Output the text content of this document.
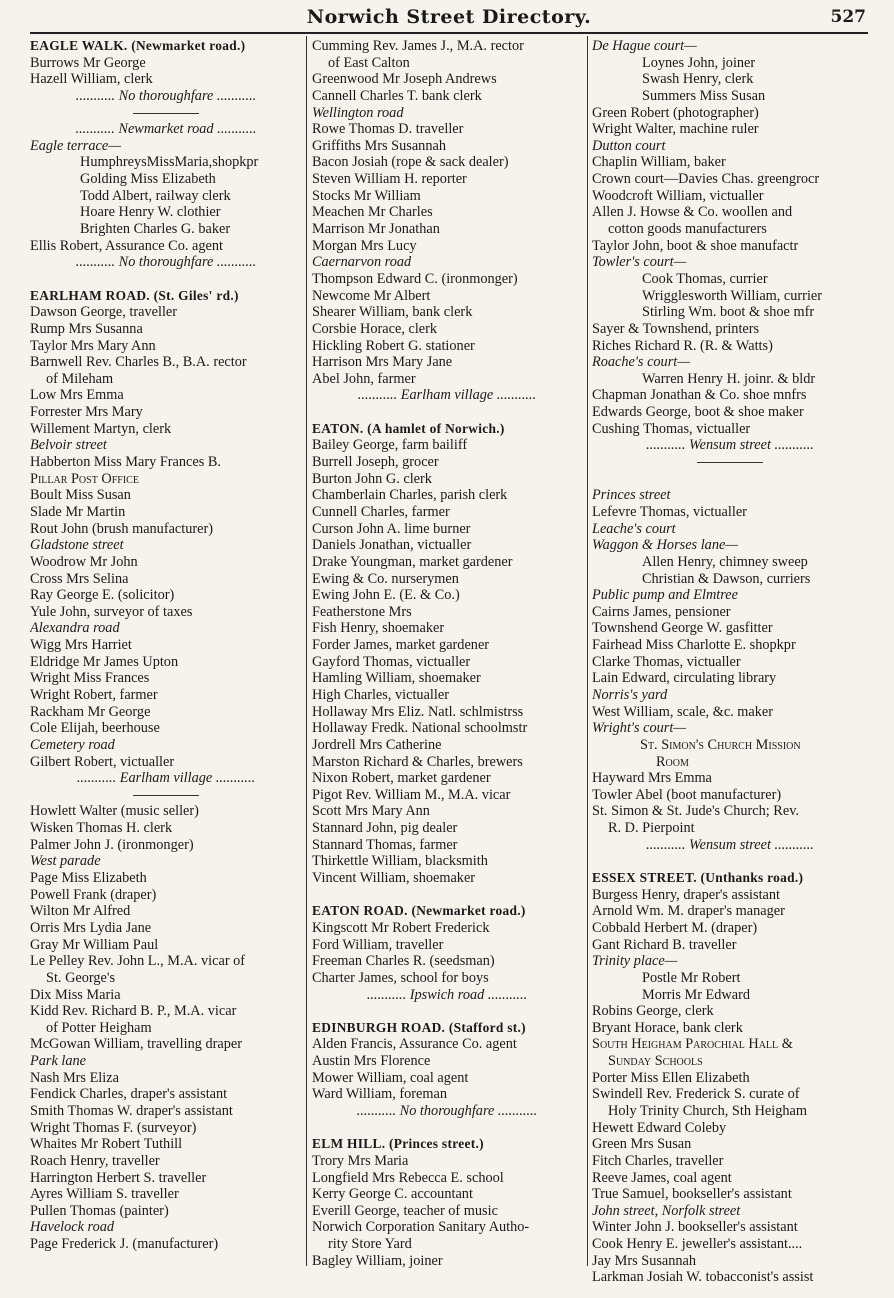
Norwich Street Directory.	527
EAGLE WALK. (Newmarket road.)
Burrows Mr George
Hazell William, clerk
........... No thoroughfare ...........
........... Newmarket road ...........
Eagle terrace—
HumphreysMissMaria,shopkpr
Golding Miss Elizabeth
Todd Albert, railway clerk
Hoare Henry W. clothier
Brighten Charles G. baker
Ellis Robert, Assurance Co. agent
........... No thoroughfare ...........
EARLHAM ROAD. (St. Giles' rd.)
Dawson George, traveller
Rump Mrs Susanna
Taylor Mrs Mary Ann
Barnwell Rev. Charles B., B.A. rector
of Mileham
Low Mrs Emma
Forrester Mrs Mary
Willement Martyn, clerk
Belvoir street
Habberton Miss Mary Frances B.
Pillar Post Office
Boult Miss Susan
Slade Mr Martin
Rout John (brush manufacturer)
Gladstone street
Woodrow Mr John
Cross Mrs Selina
Ray George E. (solicitor)
Yule John, surveyor of taxes
Alexandra road
Wigg Mrs Harriet
Eldridge Mr James Upton
Wright Miss Frances
Wright Robert, farmer
Rackham Mr George
Cole Elijah, beerhouse
Cemetery road
Gilbert Robert, victualler
........... Earlham village ...........
Howlett Walter (music seller)
Wisken Thomas H. clerk
Palmer John J. (ironmonger)
West parade
Page Miss Elizabeth
Powell Frank (draper)
Wilton Mr Alfred
Orris Mrs Lydia Jane
Gray Mr William Paul
Le Pelley Rev. John L., M.A. vicar of
St. George's
Dix Miss Maria
Kidd Rev. Richard B. P., M.A. vicar
of Potter Heigham
McGowan William, travelling draper
Park lane
Nash Mrs Eliza
Fendick Charles, draper's assistant
Smith Thomas W. draper's assistant
Wright Thomas F. (surveyor)
Whaites Mr Robert Tuthill
Roach Henry, traveller
Harrington Herbert S. traveller
Ayres William S. traveller
Pullen Thomas (painter)
Havelock road
Page Frederick J. (manufacturer)
Cumming Rev. James J., M.A. rector
of East Calton
Greenwood Mr Joseph Andrews
Cannell Charles T. bank clerk
Wellington road
Rowe Thomas D. traveller
Griffiths Mrs Susannah
Bacon Josiah (rope & sack dealer)
Steven William H. reporter
Stocks Mr William
Meachen Mr Charles
Marrison Mr Jonathan
Morgan Mrs Lucy
Caernarvon road
Thompson Edward C. (ironmonger)
Newcome Mr Albert
Shearer William, bank clerk
Corsbie Horace, clerk
Hickling Robert G. stationer
Harrison Mrs Mary Jane
Abel John, farmer
........... Earlham village ...........
EATON. (A hamlet of Norwich.)
Bailey George, farm bailiff
Burrell Joseph, grocer
Burton John G. clerk
Chamberlain Charles, parish clerk
Cunnell Charles, farmer
Curson John A. lime burner
Daniels Jonathan, victualler
Drake Youngman, market gardener
Ewing & Co. nurserymen
Ewing John E. (E. & Co.)
Featherstone Mrs
Fish Henry, shoemaker
Forder James, market gardener
Gayford Thomas, victualler
Hamling William, shoemaker
High Charles, victualler
Hollaway Mrs Eliz. Natl. schlmistrss
Hollaway Fredk. National schoolmstr
Jordrell Mrs Catherine
Marston Richard & Charles, brewers
Nixon Robert, market gardener
Pigot Rev. William M., M.A. vicar
Scott Mrs Mary Ann
Stannard John, pig dealer
Stannard Thomas, farmer
Thirkettle William, blacksmith
Vincent William, shoemaker
EATON ROAD. (Newmarket road.)
Kingscott Mr Robert Frederick
Ford William, traveller
Freeman Charles R. (seedsman)
Charter James, school for boys
........... Ipswich road ...........
EDINBURGH ROAD. (Stafford st.)
Alden Francis, Assurance Co. agent
Austin Mrs Florence
Mower William, coal agent
Ward William, foreman
........... No thoroughfare ...........
ELM HILL. (Princes street.)
Trory Mrs Maria
Longfield Mrs Rebecca E. school
Kerry George C. accountant
Everill George, teacher of music
Norwich Corporation Sanitary Autho-
rity Store Yard
Bagley William, joiner
De Hague court—
Loynes John, joiner
Swash Henry, clerk
Summers Miss Susan
Green Robert (photographer)
Wright Walter, machine ruler
Dutton court
Chaplin William, baker
Crown court—Davies Chas. greengrocr
Woodcroft William, victualler
Allen J. Howse & Co. woollen and
cotton goods manufacturers
Taylor John, boot & shoe manufactr
Towler's court—
Cook Thomas, currier
Wrigglesworth William, currier
Stirling Wm. boot & shoe mfr
Sayer & Townshend, printers
Riches Richard R. (R. & Watts)
Roache's court—
Warren Henry H. joinr. & bldr
Chapman Jonathan & Co. shoe mnfrs
Edwards George, boot & shoe maker
Cushing Thomas, victualler
........... Wensum street ...........
Princes street
Lefevre Thomas, victualler
Leache's court
Waggon & Horses lane—
Allen Henry, chimney sweep
Christian & Dawson, curriers
Public pump and Elmtree
Cairns James, pensioner
Townshend George W. gasfitter
Fairhead Miss Charlotte E. shopkpr
Clarke Thomas, victualler
Lain Edward, circulating library
Norris's yard
West William, scale, &c. maker
Wright's court—
St. Simon's Church Mission
Room
Hayward Mrs Emma
Towler Abel (boot manufacturer)
St. Simon & St. Jude's Church; Rev.
R. D. Pierpoint
........... Wensum street ...........
ESSEX STREET. (Unthanks road.)
Burgess Henry, draper's assistant
Arnold Wm. M. draper's manager
Cobbald Herbert M. (draper)
Gant Richard B. traveller
Trinity place—
Postle Mr Robert
Morris Mr Edward
Robins George, clerk
Bryant Horace, bank clerk
South Heigham Parochial Hall &
Sunday Schools
Porter Miss Ellen Elizabeth
Swindell Rev. Frederick S. curate of
Holy Trinity Church, Sth Heigham
Hewett Edward Coleby
Green Mrs Susan
Fitch Charles, traveller
Reeve James, coal agent
True Samuel, bookseller's assistant
John street, Norfolk street
Winter John J. bookseller's assistant
Cook Henry E. jeweller's assistant....
Jay Mrs Susannah
Larkman Josiah W. tobacconist's assist
